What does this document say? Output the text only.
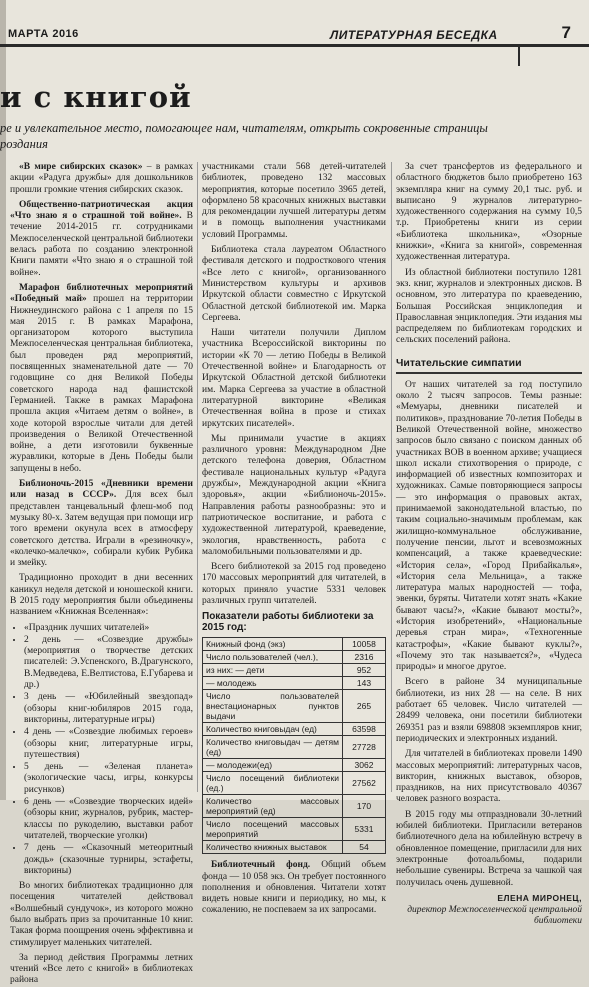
МАРТА 2016	ЛИТЕРАТУРНАЯ БЕСЕДКА	7
и с книгой
ре и увлекательное место, помогающее нам, читателям, открыть сокровенные страницы
роздания

«В мире сибирских сказок» – в рамках акции «Радуга дружбы» для дошкольников прошли громкие чтения сибирских сказок.

Общественно-патриотическая акция «Что знаю я о страшной той войне». В течение 2014-2015 гг. сотрудниками Межпоселенческой центральной библиотеки велась работа по созданию электронной Книги памяти «Что знаю я о страшной той войне».

Марафон библиотечных мероприятий «Победный май» прошел на территории Нижнеудинского района с 1 апреля по 15 мая 2015 г. В рамках Марафона, организатором которого выступила Межпоселенческая центральная библиотека, был проведен ряд мероприятий, посвященных знаменательной дате — 70 годовщине со дня Великой Победы советского народа над фашистской Германией. Также в рамках Марафона прошла акция «Читаем детям о войне», в ходе которой взрослые читали для детей произведения о Великой Отечественной войне, а дети изготовили буквенные журавлики, которые в День Победы были запущены в небо.

Библионочь-2015 «Дневники времени или назад в СССР». Для всех был представлен танцевальный флеш-моб под музыку 80-х. Затем ведущая при помощи игр того времени окунула всех в атмосферу советского детства. Играли в «резиночку», «колечко-малечко», собирали кубик Рубика и змейку.

Традиционно проходит в дни весенних каникул неделя детской и юношеской книги. В 2015 году мероприятия были объединены названием «Книжная Вселенная»:

• «Праздник лучших читателей»
• 2 день — «Созвездие дружбы» (мероприятия о творчестве детских писателей: Э.Успенского, В.Драгунского, В.Медведева, Е.Велтистова, Е.Губарева и др.)
• 3 день — «Юбилейный звездопад» (обзоры книг-юбиляров 2015 года, викторины, литературные игры)
• 4 день — «Созвездие любимых героев» (обзоры книг, литературные игры, путешествия)
• 5 день — «Зеленая планета» (экологические часы, игры, конкурсы рисунков)
• 6 день — «Созвездие творческих идей» (обзоры книг, журналов, рубрик, мастер-классы по рукоделию, выставки работ читателей, творческие уголки)
• 7 день — «Сказочный метеоритный дождь» (сказочные турниры, эстафеты, викторины)

Во многих библиотеках традиционно для посещения читателей действовал «Волшебный сундучок», из которого можно было выбрать приз за прочитанные 10 книг. Такая форма поощрения очень эффективна и стимулирует маленьких читателей.

За период действия Программы летних чтений «Все лето с книгой» в библиотеках района

участниками стали 568 детей-читателей библиотек, проведено 132 массовых мероприятия, которые посетило 3965 детей, оформлено 58 красочных книжных выставки для рекомендации лучшей литературы детям и в помощь выполнения участниками условий Программы.

Библиотека стала лауреатом Областного фестиваля детского и подросткового чтения «Все лето с книгой», организованного Министерством культуры и архивов Иркутской области совместно с Иркутской Областной детской библиотекой им. Марка Сергеева.

Наши читатели получили Диплом участника Всероссийской викторины по истории «К 70 — летию Победы в Великой Отечественной войне» и Благодарность от Иркутской Областной детской библиотеки им. Марка Сергеева за участие в областной литературной викторине «Великая Отечественная война в прозе и стихах иркутских писателей».

Мы принимали участие в акциях различного уровня: Международном Дне детского телефона доверия, Областном фестивале национальных культур «Радуга дружбы», Международной акции «Книга здоровья», акции «Библионочь-2015». Направления работы разнообразны: это и патриотическое воспитание, и работа с художественной литературой, краеведение, экология, нравственность, работа с маломобильными пользователями и др.

Всего библиотекой за 2015 год проведено 170 массовых мероприятий для читателей, в которых приняло участие 5331 человек различных групп читателей.

Показатели работы библиотеки за 2015 год:
Книжный фонд (экз)	10058
Число пользователей (чел.),	2316
из них: — дети	952
— молодежь	143
Число пользователей внестационарных пунктов выдачи	265
Количество книговыдач (ед)	63598
Количество книговыдач — детям (ед)	27728
— молодежи(ед)	3062
Число посещений библиотеки (ед.)	27562
Количество массовых мероприятий (ед)	170
Число посещений массовых мероприятий	5331
Количество книжных выставок	54

Библиотечный фонд. Общий объем фонда — 10 058 экз. Он требует постоянного пополнения и обновления. Читатели хотят видеть новые книги и периодику, но мы, к сожалению, не поспеваем за их запросами.

За счет трансфертов из федерального и областного бюджетов было приобретено 163 экземпляра книг на сумму 20,1 тыс. руб. и выписано 9 журналов литературно-художественного содержания на сумму 10,5 т.р. Приобретены книги из серии «Библиотека школьника», «Озорные книжки», «Книга за книгой», современная художественная литература.

Из областной библиотеки поступило 1281 экз. книг, журналов и электронных дисков. В основном, это литература по краеведению, Большая Российская энциклопедия и Православная энциклопедия. Эти издания мы распределяем по библиотекам городских и сельских поселений района.

Читательские симпатии

От наших читателей за год поступило около 2 тысяч запросов. Темы разные: «Мемуары, дневники писателей и политиков», празднование 70-летия Победы в Великой Отечественной войне, множество запросов было связано с поиском данных об участниках ВОВ в военном архиве; учащиеся школ искали стихотворения о природе, с информацией об известных композиторах и художниках. Самые повторяющиеся запросы — это информация о правовых актах, принимаемой законодательной властью, по таким социально-значимым проблемам, как жилищно-коммунальное обслуживание, получение пенсии, льгот и всевозможных компенсаций, а также краеведческие: «История села», «Город Прибайкалья», «История села Мельница», а также литература малых народностей — тофа, эвенки, буряты. Читатели хотят знать «Какие бывают часы?», «Какие бывают мосты?», «История изобретений», «Национальные деревья стран мира», «Техногенные катастрофы», «Какие бывают куклы?», «Почему это так называется?», «Чудеса природы» и многое другое.

Всего в районе 34 муниципальные библиотеки, из них 28 — на селе. В них работает 65 человек. Число читателей — 28499 человека, они посетили библиотеки 269351 раз и взяли 698808 экземпляров книг, периодических и электронных изданий.

Для читателей в библиотеках провели 1490 массовых мероприятий: литературных часов, викторин, книжных выставок, обзоров, праздников, на них присутствовало 40367 человек разного возраста.

В 2015 году мы отпраздновали 30-летний юбилей библиотеки. Пригласили ветеранов библиотечного дела на юбилейную встречу в обновленное помещение, пригласили для них электронные фотоальбомы, подарили небольшие сувениры. Встреча за чашкой чая получилась очень душевной.

ЕЛЕНА МИРОНЕЦ,
директор Межпоселенческой центральной библиотеки
